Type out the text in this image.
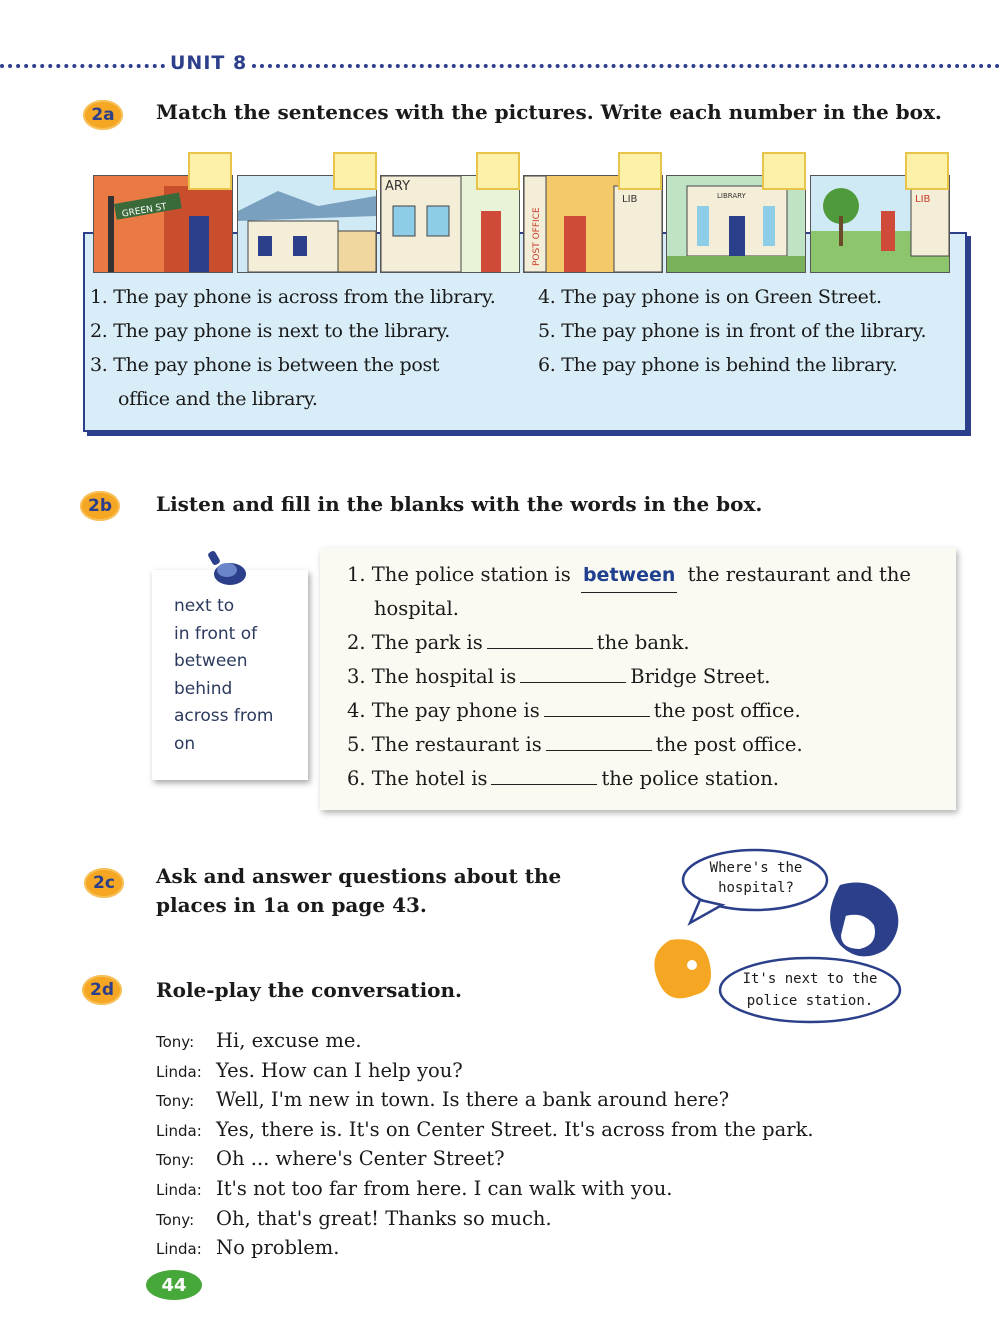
UNIT 8
2a	Match the sentences with the pictures. Write each number in the box.
GREEN ST
ARY
POST OFFICE
LIB	LIBRARY	LIB
1. The pay phone is across from the library.
2. The pay phone is next to the library.
3. The pay phone is between the post
office and the library.
4. The pay phone is on Green Street.
5. The pay phone is in front of the library.
6. The pay phone is behind the library.
2b	Listen and fill in the blanks with the words in the box.
next to
in front of
between
behind
across from
on
1. The police station is between the restaurant and the
hospital.
2. The park is	the bank.
3. The hospital is	Bridge Street.
4. The pay phone is	the post office.
5. The restaurant is	the post office.
6. The hotel is	the police station.
2c	Ask and answer questions about the
places in 1a on page 43.
Where's the
hospital?
It's next to the
police station.
2d	Role-play the conversation.
Tony: Hi, excuse me.
Linda: Yes. How can I help you?
Tony: Well, I'm new in town. Is there a bank around here?
Linda: Yes, there is. It's on Center Street. It's across from the park.
Tony: Oh ... where's Center Street?
Linda: It's not too far from here. I can walk with you.
Tony: Oh, that's great! Thanks so much.
Linda: No problem.
44
